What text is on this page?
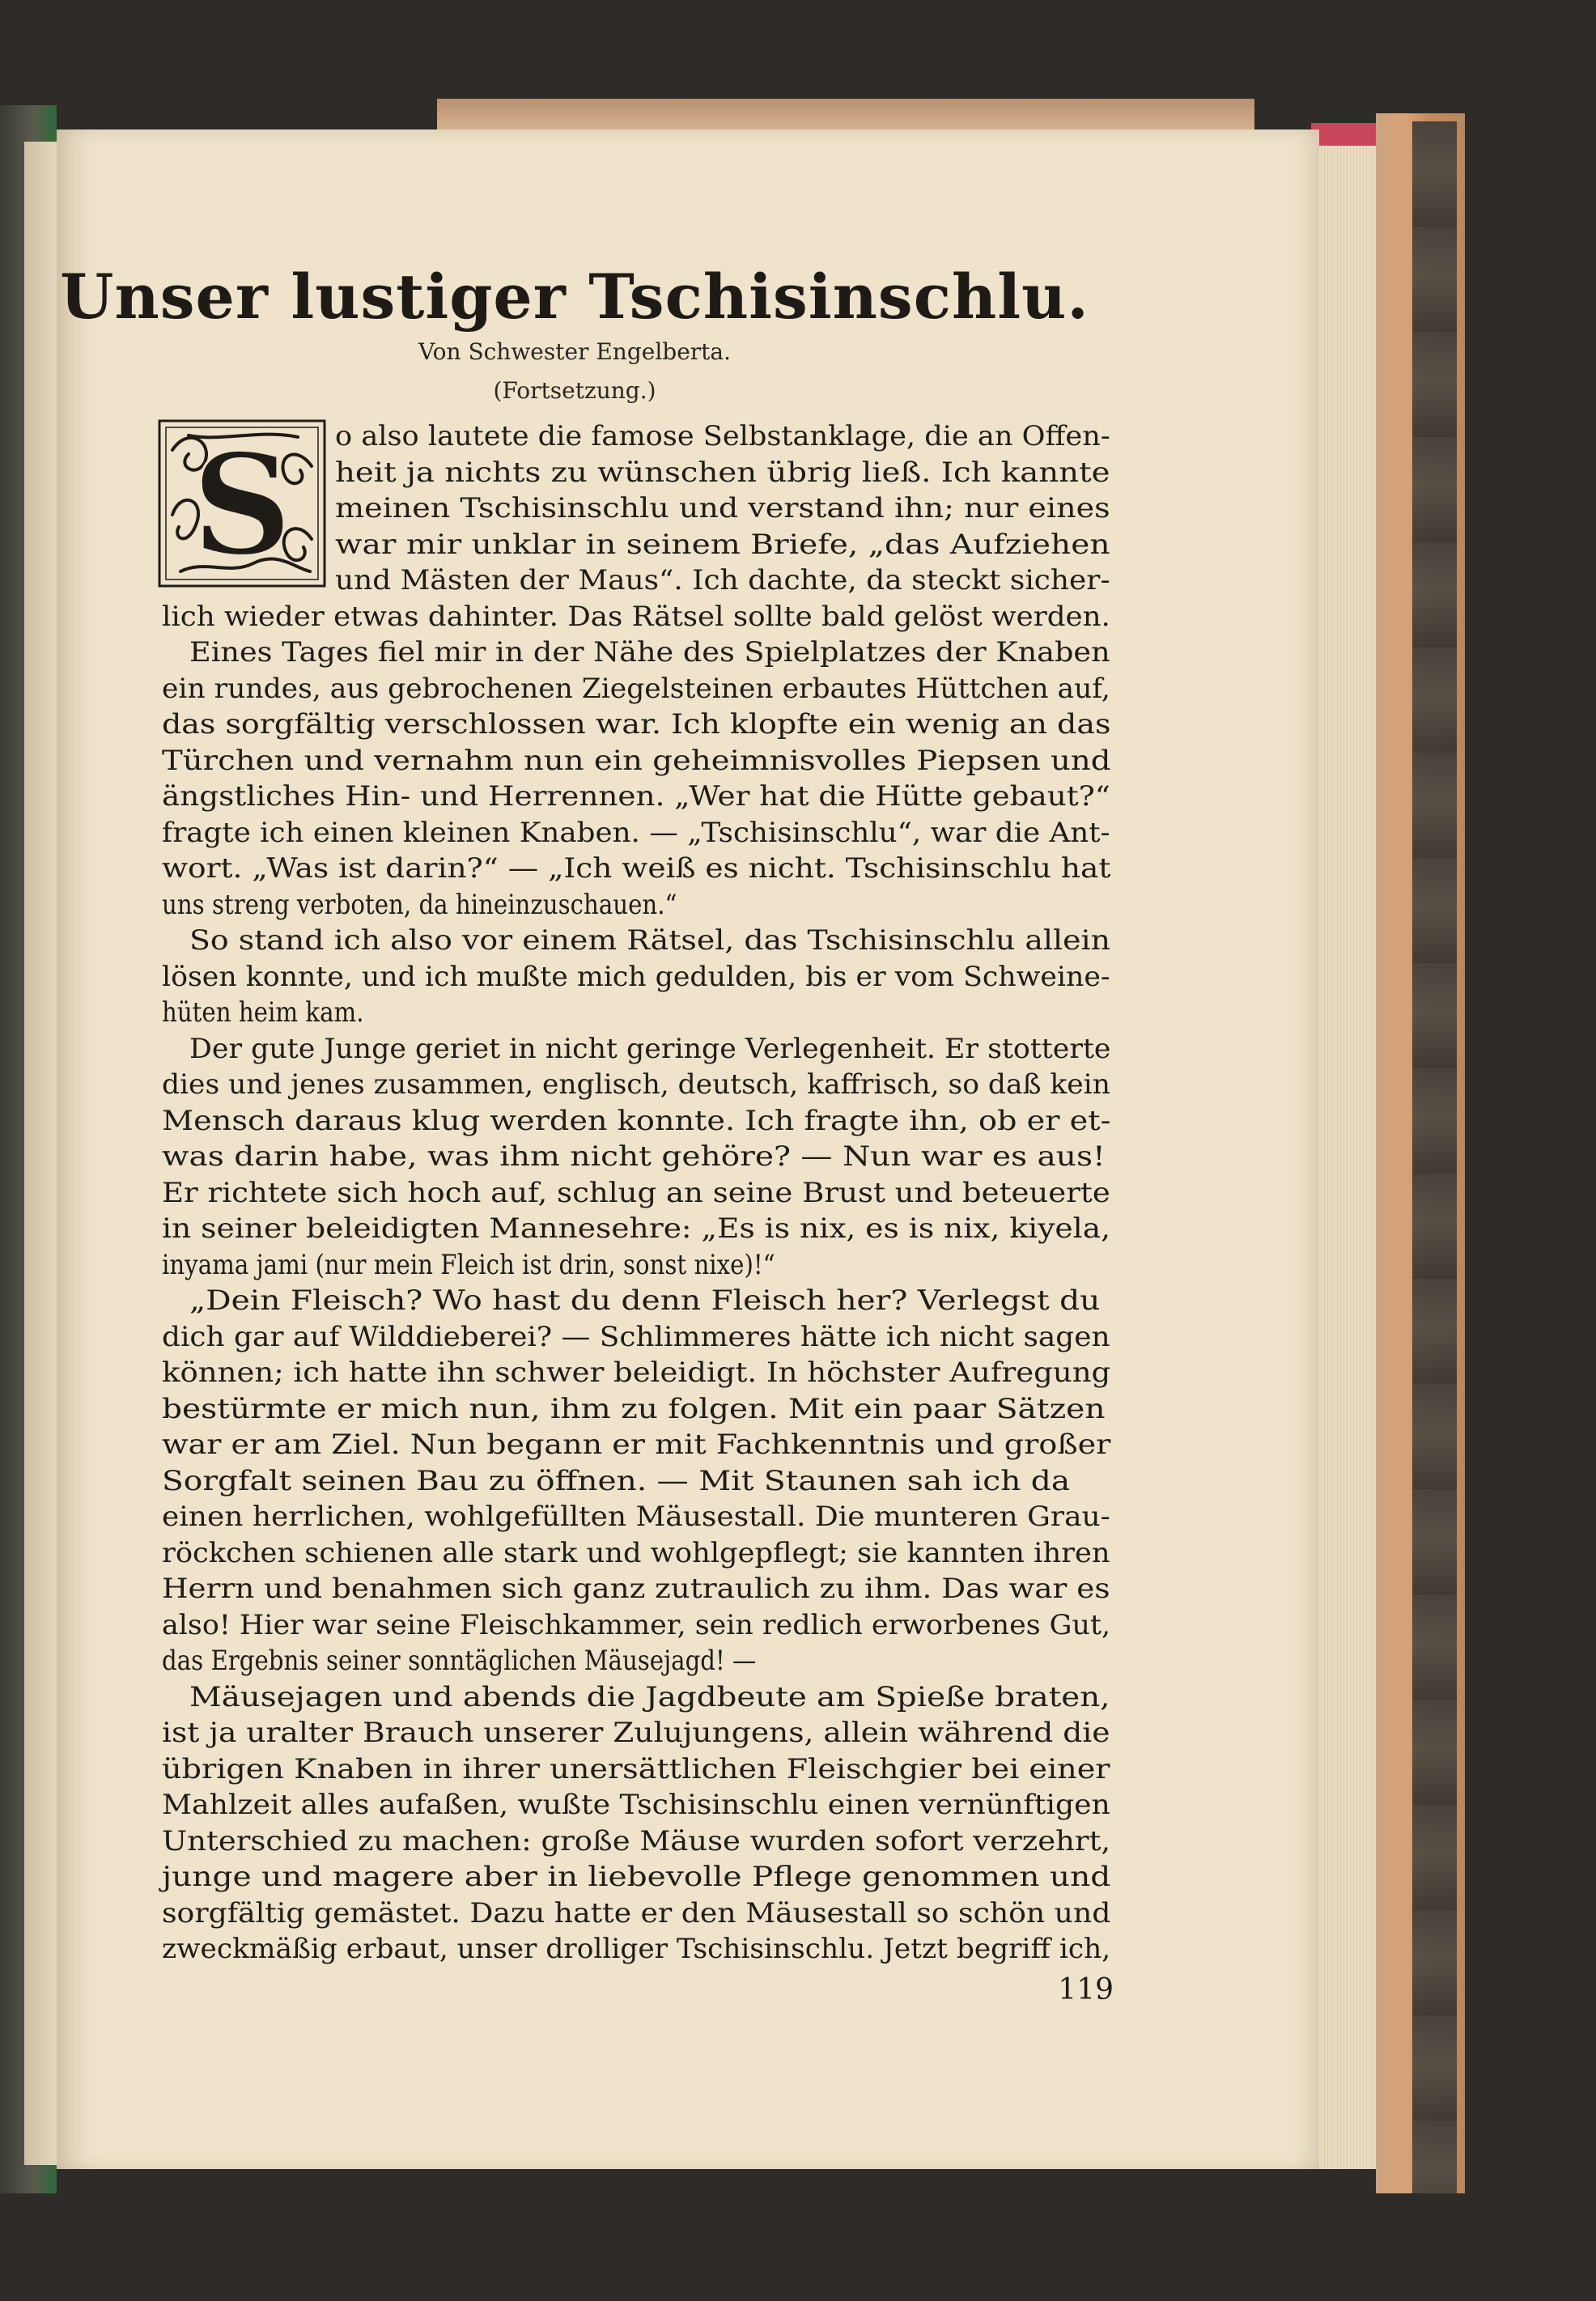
Unser lustiger Tschisinschlu.
Von Schwester Engelberta.
(Fortsetzung.)
S o also lautete die famose Selbstanklage, die an Offen-
heit ja nichts zu wünschen übrig ließ. Ich kannte
meinen Tschisinschlu und verstand ihn; nur eines
war mir unklar in seinem Briefe, „das Aufziehen
und Mästen der Maus“. Ich dachte, da steckt sicher-
lich wieder etwas dahinter. Das Rätsel sollte bald gelöst werden.
Eines Tages fiel mir in der Nähe des Spielplatzes der Knaben
ein rundes, aus gebrochenen Ziegelsteinen erbautes Hüttchen auf,
das sorgfältig verschlossen war. Ich klopfte ein wenig an das
Türchen und vernahm nun ein geheimnisvolles Piepsen und
ängstliches Hin- und Herrennen. „Wer hat die Hütte gebaut?“
fragte ich einen kleinen Knaben. — „Tschisinschlu“, war die Ant-
wort. „Was ist darin?“ — „Ich weiß es nicht. Tschisinschlu hat
uns streng verboten, da hineinzuschauen.“
So stand ich also vor einem Rätsel, das Tschisinschlu allein
lösen konnte, und ich mußte mich gedulden, bis er vom Schweine-
hüten heim kam.
Der gute Junge geriet in nicht geringe Verlegenheit. Er stotterte
dies und jenes zusammen, englisch, deutsch, kaffrisch, so daß kein
Mensch daraus klug werden konnte. Ich fragte ihn, ob er et-
was darin habe, was ihm nicht gehöre? — Nun war es aus!
Er richtete sich hoch auf, schlug an seine Brust und beteuerte
in seiner beleidigten Mannesehre: „Es is nix, es is nix, kiyela,
inyama jami (nur mein Fleich ist drin, sonst nixe)!“
„Dein Fleisch? Wo hast du denn Fleisch her? Verlegst du
dich gar auf Wilddieberei? — Schlimmeres hätte ich nicht sagen
können; ich hatte ihn schwer beleidigt. In höchster Aufregung
bestürmte er mich nun, ihm zu folgen. Mit ein paar Sätzen
war er am Ziel. Nun begann er mit Fachkenntnis und großer
Sorgfalt seinen Bau zu öffnen. — Mit Staunen sah ich da
einen herrlichen, wohlgefüllten Mäusestall. Die munteren Grau-
röckchen schienen alle stark und wohlgepflegt; sie kannten ihren
Herrn und benahmen sich ganz zutraulich zu ihm. Das war es
also! Hier war seine Fleischkammer, sein redlich erworbenes Gut,
das Ergebnis seiner sonntäglichen Mäusejagd! —
Mäusejagen und abends die Jagdbeute am Spieße braten,
ist ja uralter Brauch unserer Zulujungens, allein während die
übrigen Knaben in ihrer unersättlichen Fleischgier bei einer
Mahlzeit alles aufaßen, wußte Tschisinschlu einen vernünftigen
Unterschied zu machen: große Mäuse wurden sofort verzehrt,
junge und magere aber in liebevolle Pflege genommen und
sorgfältig gemästet. Dazu hatte er den Mäusestall so schön und
zweckmäßig erbaut, unser drolliger Tschisinschlu. Jetzt begriff ich,
119
